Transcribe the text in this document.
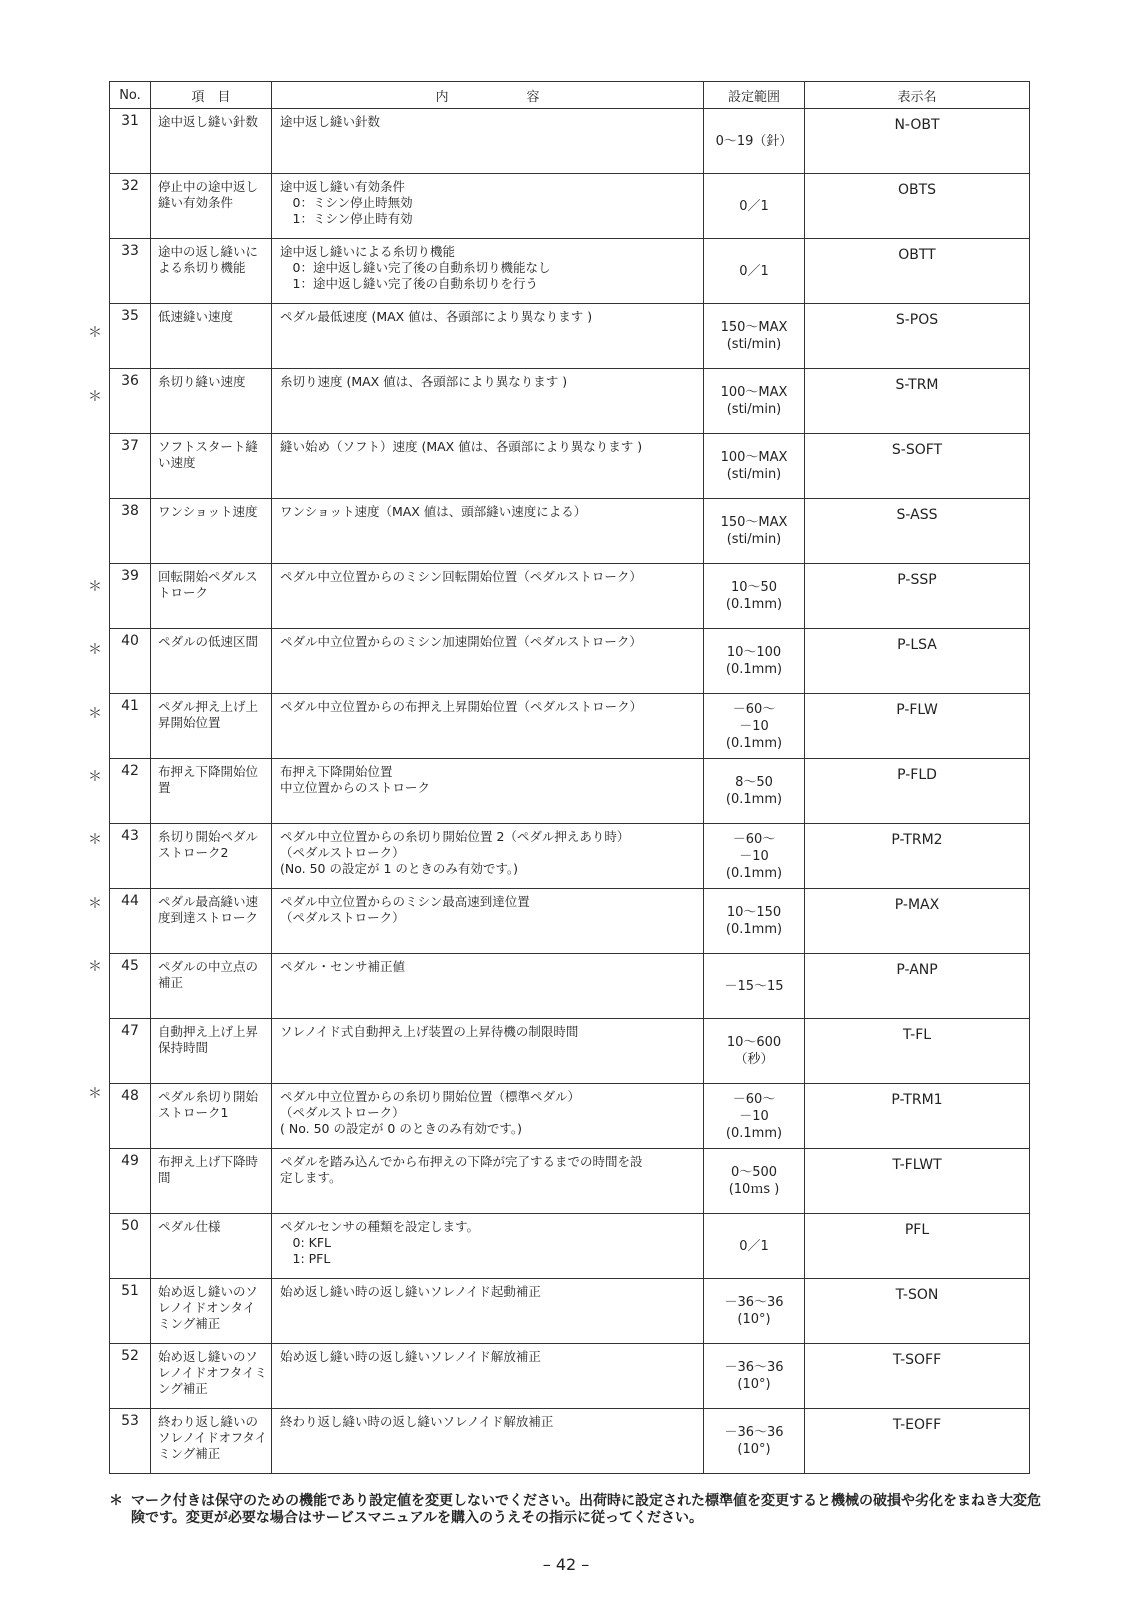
No.	項　目	内　　　　　　容	設定範囲	表示名
31	途中返し縫い針数	途中返し縫い針数	0～19（針）	N-OBT
32	停止中の途中返し縫い有効条件	途中返し縫い有効条件
　0：ミシン停止時無効
　1：ミシン停止時有効	0／1	OBTS
33	途中の返し縫いによる糸切り機能	途中返し縫いによる糸切り機能
　0：途中返し縫い完了後の自動糸切り機能なし
　1：途中返し縫い完了後の自動糸切りを行う	0／1	OBTT
35	低速縫い速度	ペダル最低速度 (MAX 値は、各頭部により異なります )	150～MAX
(sti/min)	S-POS
36	糸切り縫い速度	糸切り速度 (MAX 値は、各頭部により異なります )	100～MAX
(sti/min)	S-TRM
37	ソフトスタート縫い速度	縫い始め（ソフト）速度 (MAX 値は、各頭部により異なります )	100～MAX
(sti/min)	S-SOFT
38	ワンショット速度	ワンショット速度（MAX 値は、頭部縫い速度による）	150～MAX
(sti/min)	S-ASS
39	回転開始ペダルストローク	ペダル中立位置からのミシン回転開始位置（ペダルストローク）	10～50
(0.1mm)	P-SSP
40	ペダルの低速区間	ペダル中立位置からのミシン加速開始位置（ペダルストローク）	10～100
(0.1mm)	P-LSA
41	ペダル押え上げ上昇開始位置	ペダル中立位置からの布押え上昇開始位置（ペダルストローク）	－60～
－10
(0.1mm)	P-FLW
42	布押え下降開始位置	布押え下降開始位置
中立位置からのストローク	8～50
(0.1mm)	P-FLD
43	糸切り開始ペダルストローク2	ペダル中立位置からの糸切り開始位置 2（ペダル押えあり時）
（ペダルストローク）
(No. 50 の設定が 1 のときのみ有効です。)	－60～
－10
(0.1mm)	P-TRM2
44	ペダル最高縫い速度到達ストローク	ペダル中立位置からのミシン最高速到達位置
（ペダルストローク）	10～150
(0.1mm)	P-MAX
45	ペダルの中立点の補正	ペダル・センサ補正値	－15～15	P-ANP
47	自動押え上げ上昇保持時間	ソレノイド式自動押え上げ装置の上昇待機の制限時間	10～600
（秒）	T-FL
48	ペダル糸切り開始ストローク1	ペダル中立位置からの糸切り開始位置（標準ペダル）
（ペダルストローク）
( No. 50 の設定が 0 のときのみ有効です。)	－60～
－10
(0.1mm)	P-TRM1
49	布押え上げ下降時間	ペダルを踏み込んでから布押えの下降が完了するまでの時間を設
定します。	0～500
(10ｍs )	T-FLWT
50	ペダル仕様	ペダルセンサの種類を設定します。
　0: KFL
　1: PFL	0／1	PFL
51	始め返し縫いのソレノイドオンタイミング補正	始め返し縫い時の返し縫いソレノイド起動補正	－36～36
(10°)	T-SON
52	始め返し縫いのソレノイドオフタイミング補正	始め返し縫い時の返し縫いソレノイド解放補正	－36～36
(10°)	T-SOFF
53	終わり返し縫いのソレノイドオフタイミング補正	終わり返し縫い時の返し縫いソレノイド解放補正	－36～36
(10°)	T-EOFF
＊
＊
＊
＊
＊
＊
＊
＊
＊
＊
＊ マーク付きは保守のための機能であり設定値を変更しないでください。出荷時に設定された標準値を変更すると機械の破損や劣化をまねき大変危険です。変更が必要な場合はサービスマニュアルを購入のうえその指示に従ってください。
– 42 –
